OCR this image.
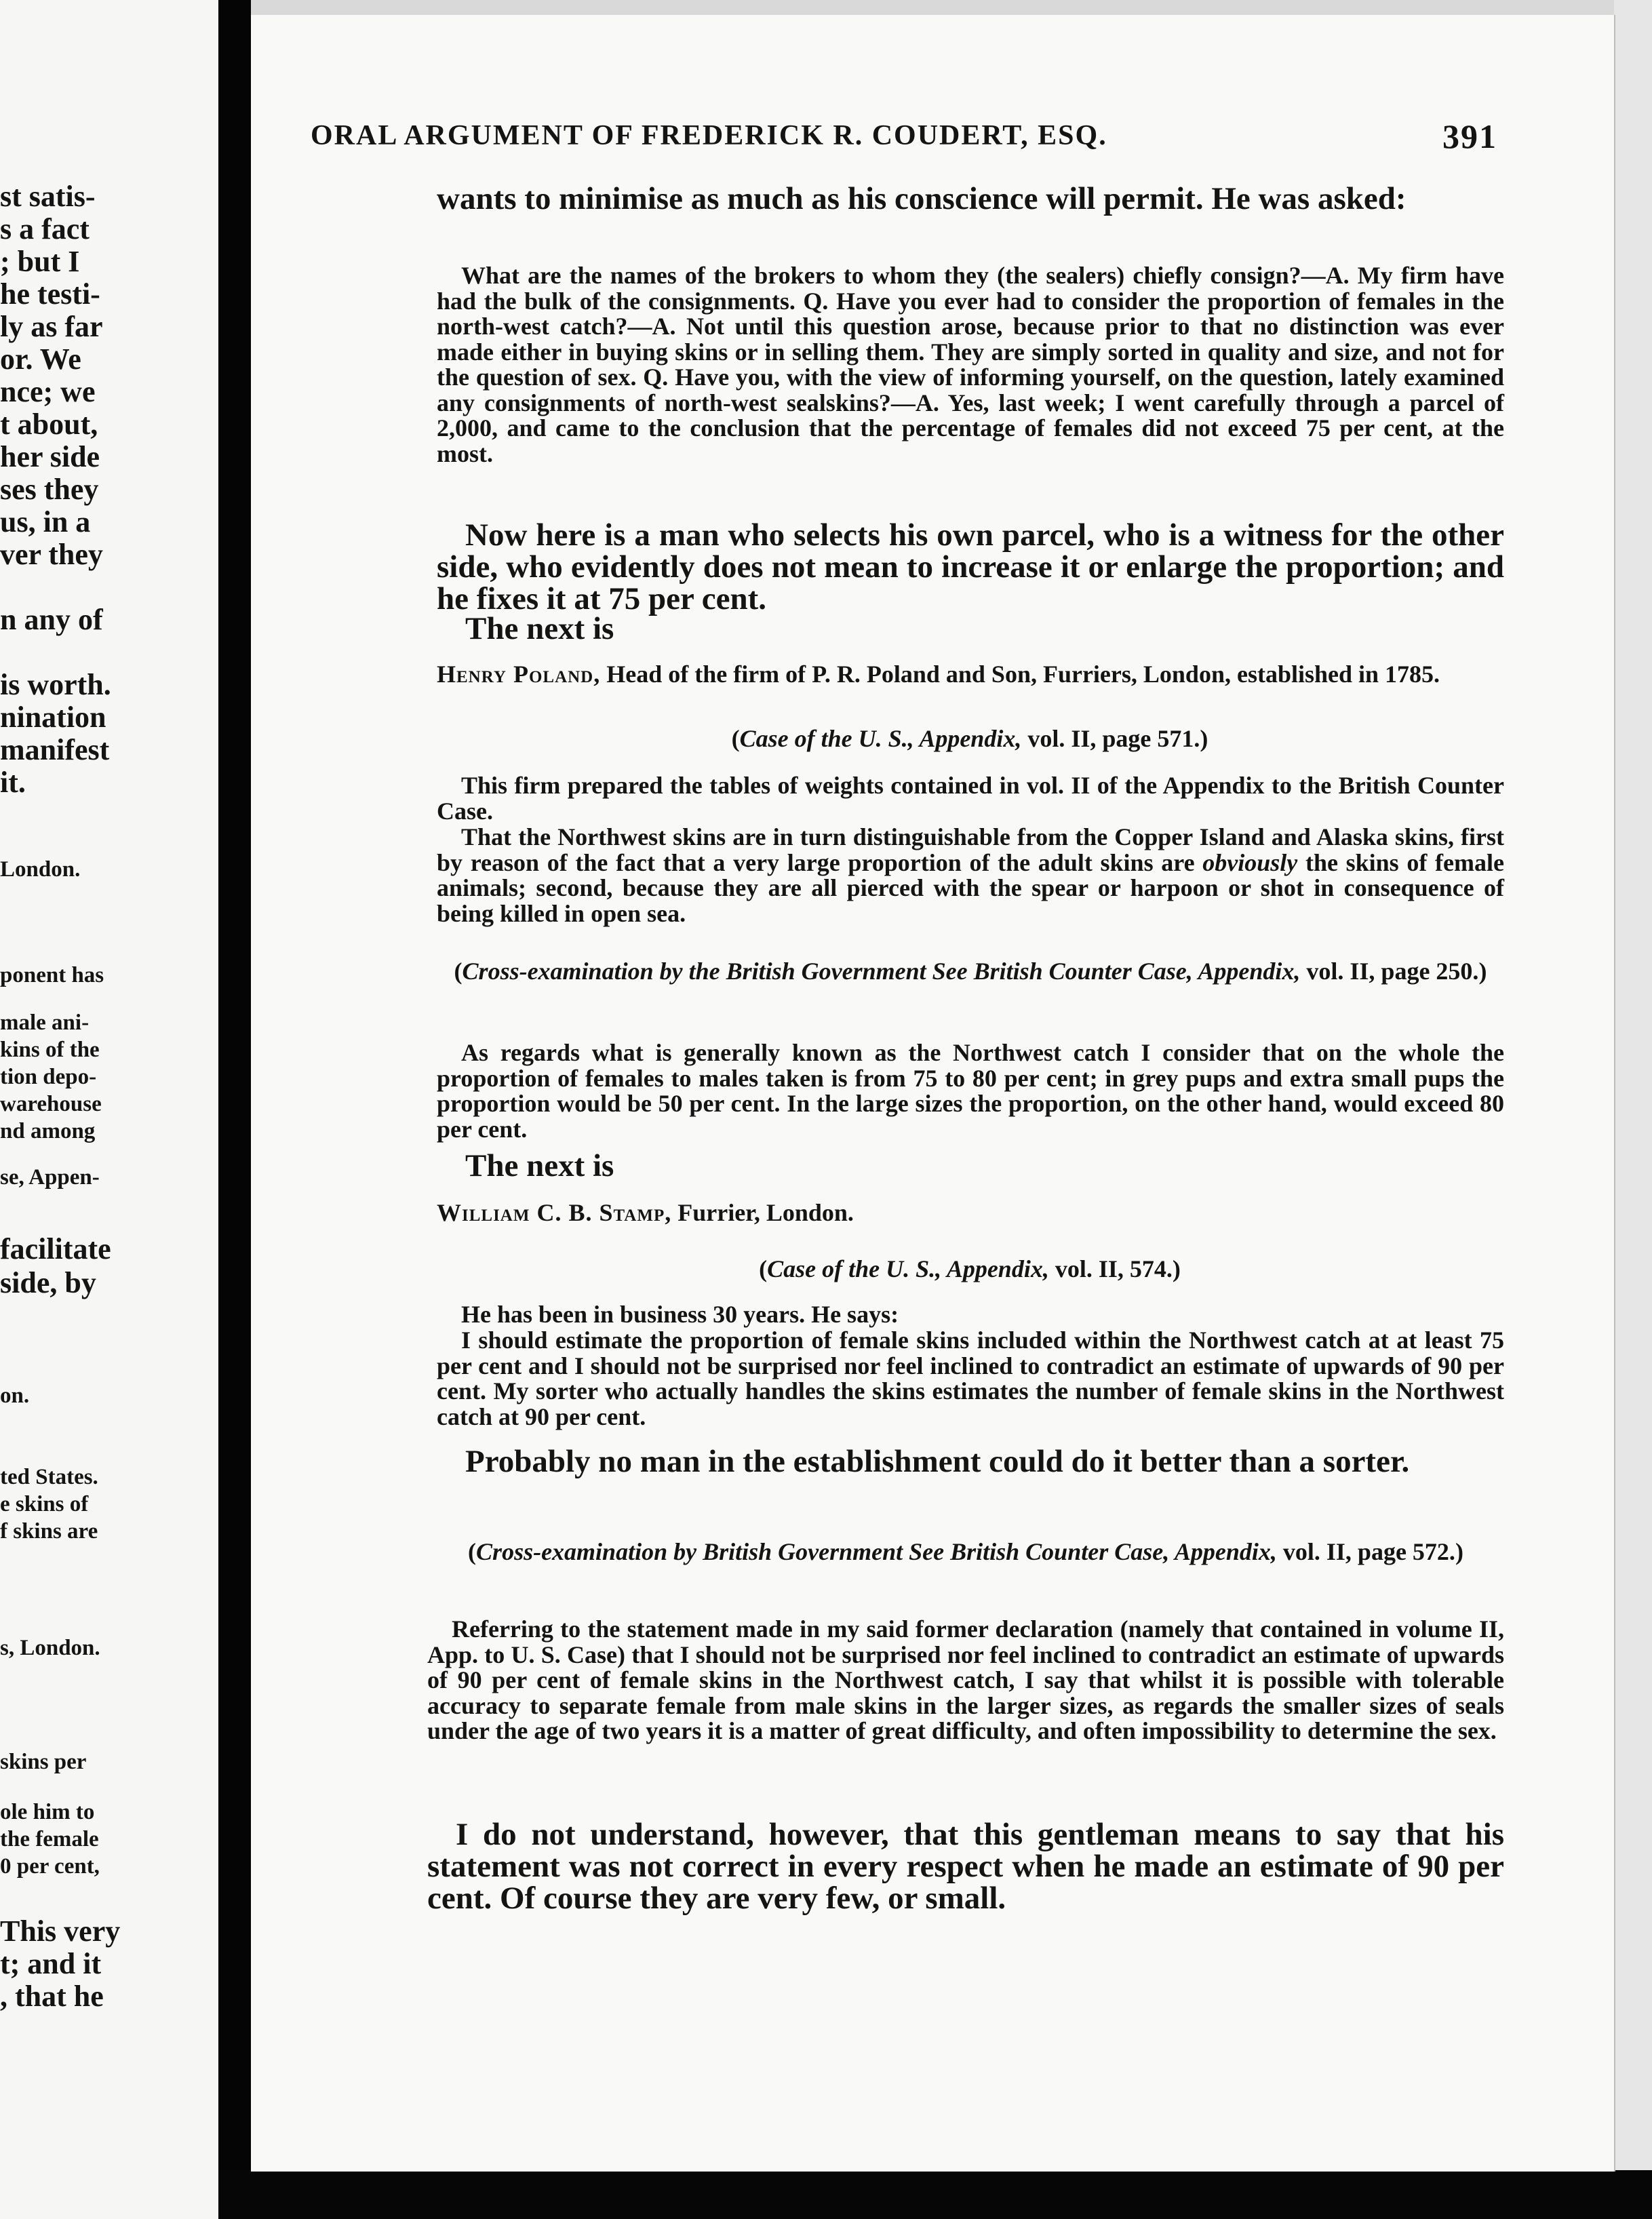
st satis-
s a fact
; but I
he testi-
ly as far
or. We
nce; we
t about,
her side
ses they
us, in a
ver they
n any of
is worth.
nination
manifest
it.
London.
ponent has
male ani-
kins of the
tion depo-
warehouse
nd among
se, Appen-
facilitate
side, by
on.
ted States.
e skins of
f skins are
s, London.
skins per
ole him to
the female
0 per cent,
This very
t; and it
, that he
ORAL ARGUMENT OF FREDERICK R. COUDERT, ESQ.	391
wants to minimise as much as his conscience will permit. He was asked:
What are the names of the brokers to whom they (the sealers) chiefly consign?—A. My firm have had the bulk of the consignments. Q. Have you ever had to consider the proportion of females in the north-west catch?—A. Not until this question arose, because prior to that no distinction was ever made either in buying skins or in selling them. They are simply sorted in quality and size, and not for the question of sex. Q. Have you, with the view of informing yourself, on the question, lately examined any consignments of north-west sealskins?—A. Yes, last week; I went carefully through a parcel of 2,000, and came to the conclusion that the percentage of females did not exceed 75 per cent, at the most.
Now here is a man who selects his own parcel, who is a witness for the other side, who evidently does not mean to increase it or enlarge the proportion; and he fixes it at 75 per cent.
The next is
Henry Poland, Head of the firm of P. R. Poland and Son, Furriers, London, established in 1785.
(Case of the U. S., Appendix, vol. II, page 571.)
This firm prepared the tables of weights contained in vol. II of the Appendix to the British Counter Case.
That the Northwest skins are in turn distinguishable from the Copper Island and Alaska skins, first by reason of the fact that a very large proportion of the adult skins are obviously the skins of female animals; second, because they are all pierced with the spear or harpoon or shot in consequence of being killed in open sea.
(Cross-examination by the British Government See British Counter Case, Appendix, vol. II, page 250.)
As regards what is generally known as the Northwest catch I consider that on the whole the proportion of females to males taken is from 75 to 80 per cent; in grey pups and extra small pups the proportion would be 50 per cent. In the large sizes the proportion, on the other hand, would exceed 80 per cent.
The next is
William C. B. Stamp, Furrier, London.
(Case of the U. S., Appendix, vol. II, 574.)
He has been in business 30 years. He says:
I should estimate the proportion of female skins included within the Northwest catch at at least 75 per cent and I should not be surprised nor feel inclined to contradict an estimate of upwards of 90 per cent. My sorter who actually handles the skins estimates the number of female skins in the Northwest catch at 90 per cent.
Probably no man in the establishment could do it better than a sorter.
(Cross-examination by British Government See British Counter Case, Appendix, vol. II, page 572.)
Referring to the statement made in my said former declaration (namely that contained in volume II, App. to U. S. Case) that I should not be surprised nor feel inclined to contradict an estimate of upwards of 90 per cent of female skins in the Northwest catch, I say that whilst it is possible with tolerable accuracy to separate female from male skins in the larger sizes, as regards the smaller sizes of seals under the age of two years it is a matter of great difficulty, and often impossibility to determine the sex.
I do not understand, however, that this gentleman means to say that his statement was not correct in every respect when he made an estimate of 90 per cent. Of course they are very few, or small.
